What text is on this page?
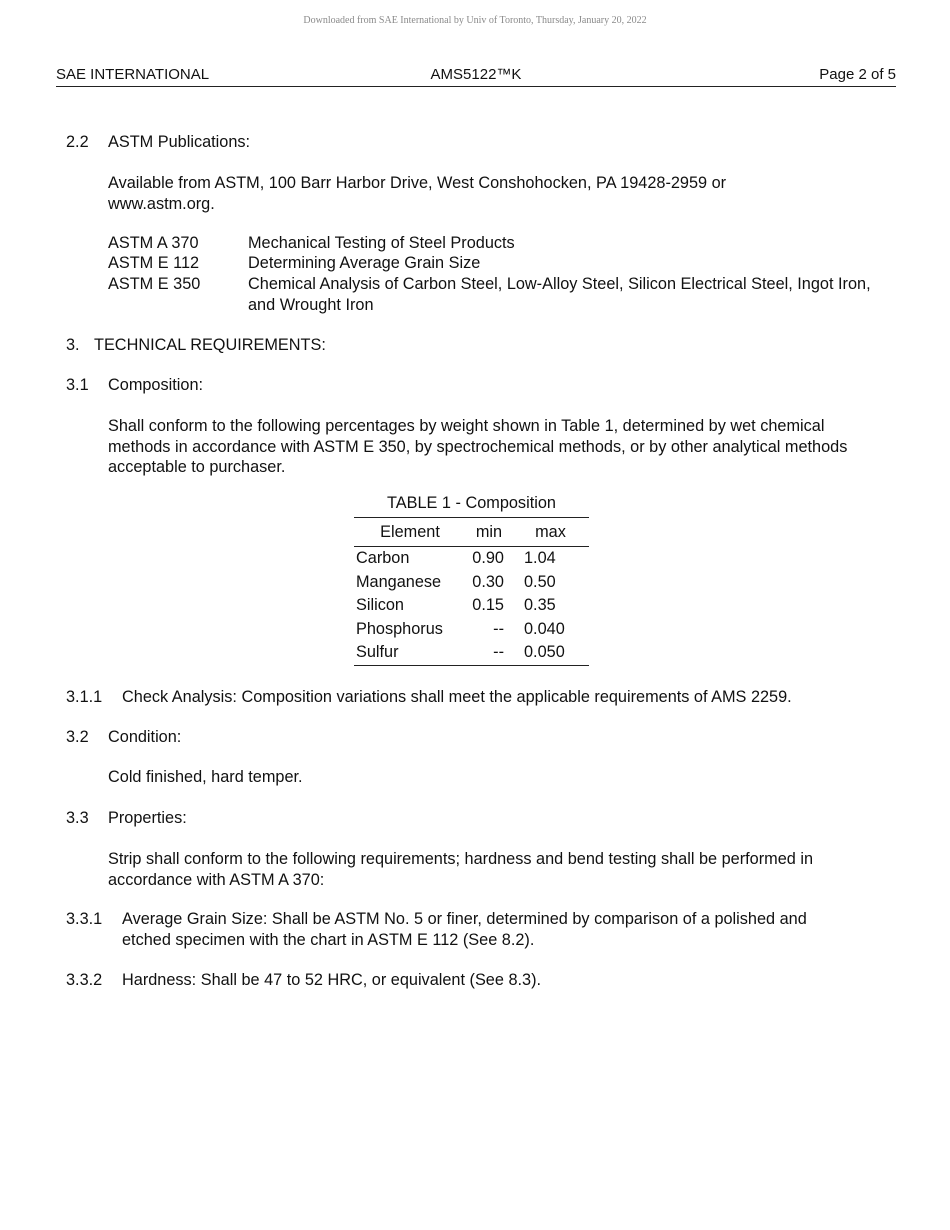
Downloaded from SAE International by Univ of Toronto, Thursday, January 20, 2022
SAE INTERNATIONAL	AMS5122™K	Page 2 of 5
2.2 ASTM Publications:
Available from ASTM, 100 Barr Harbor Drive, West Conshohocken, PA 19428-2959 or www.astm.org.
ASTM A 370	Mechanical Testing of Steel Products
ASTM E 112	Determining Average Grain Size
ASTM E 350	Chemical Analysis of Carbon Steel, Low-Alloy Steel, Silicon Electrical Steel, Ingot Iron, and Wrought Iron
3. TECHNICAL REQUIREMENTS:
3.1 Composition:
Shall conform to the following percentages by weight shown in Table 1, determined by wet chemical methods in accordance with ASTM E 350, by spectrochemical methods, or by other analytical methods acceptable to purchaser.
TABLE 1 - Composition
Element	min	max
Carbon	0.90	1.04
Manganese	0.30	0.50
Silicon	0.15	0.35
Phosphorus	--	0.040
Sulfur	--	0.050
3.1.1 Check Analysis: Composition variations shall meet the applicable requirements of AMS 2259.
3.2 Condition:
Cold finished, hard temper.
3.3 Properties:
Strip shall conform to the following requirements; hardness and bend testing shall be performed in accordance with ASTM A 370:
3.3.1 Average Grain Size: Shall be ASTM No. 5 or finer, determined by comparison of a polished and etched specimen with the chart in ASTM E 112 (See 8.2).
3.3.2 Hardness: Shall be 47 to 52 HRC, or equivalent (See 8.3).
